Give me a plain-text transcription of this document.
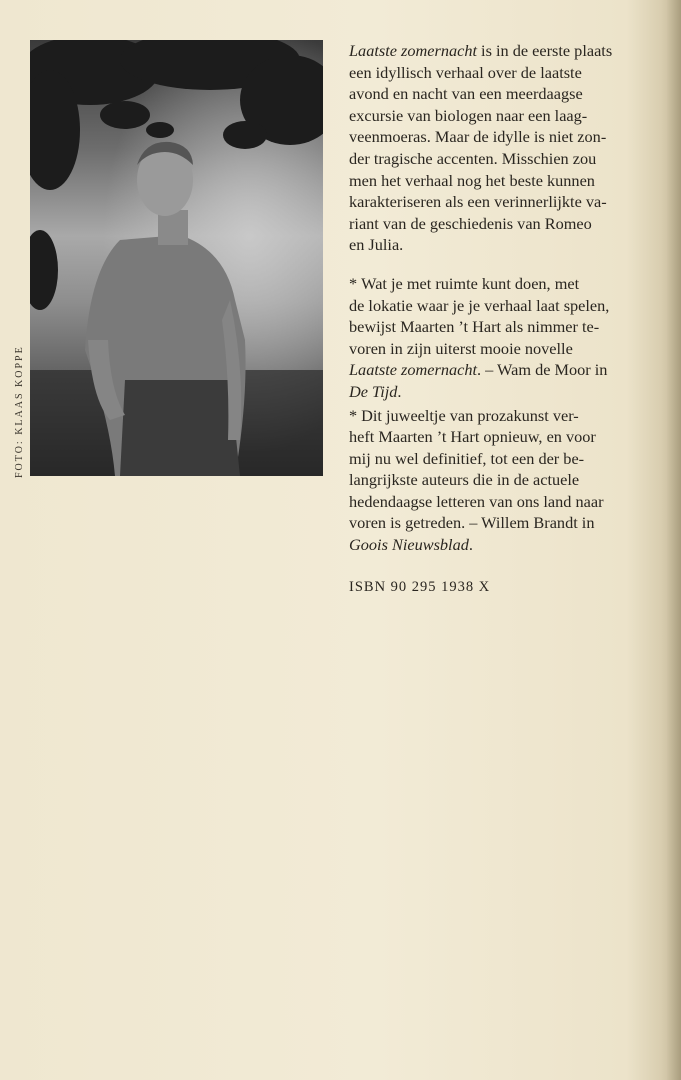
FOTO: KLAAS KOPPE

Laatste zomernacht is in de eerste plaats
een idyllisch verhaal over de laatste
avond en nacht van een meerdaagse
excursie van biologen naar een laag-
veenmoeras. Maar de idylle is niet zon-
der tragische accenten. Misschien zou
men het verhaal nog het beste kunnen
karakteriseren als een verinnerlijkte va-
riant van de geschiedenis van Romeo
en Julia.

* Wat je met ruimte kunt doen, met
de lokatie waar je je verhaal laat spelen,
bewijst Maarten ’t Hart als nimmer te-
voren in zijn uiterst mooie novelle
Laatste zomernacht. – Wam de Moor in
De Tijd.

* Dit juweeltje van prozakunst ver-
heft Maarten ’t Hart opnieuw, en voor
mij nu wel definitief, tot een der be-
langrijkste auteurs die in de actuele
hedendaagse letteren van ons land naar
voren is getreden. – Willem Brandt in
Goois Nieuwsblad.

ISBN 90 295 1938 X
